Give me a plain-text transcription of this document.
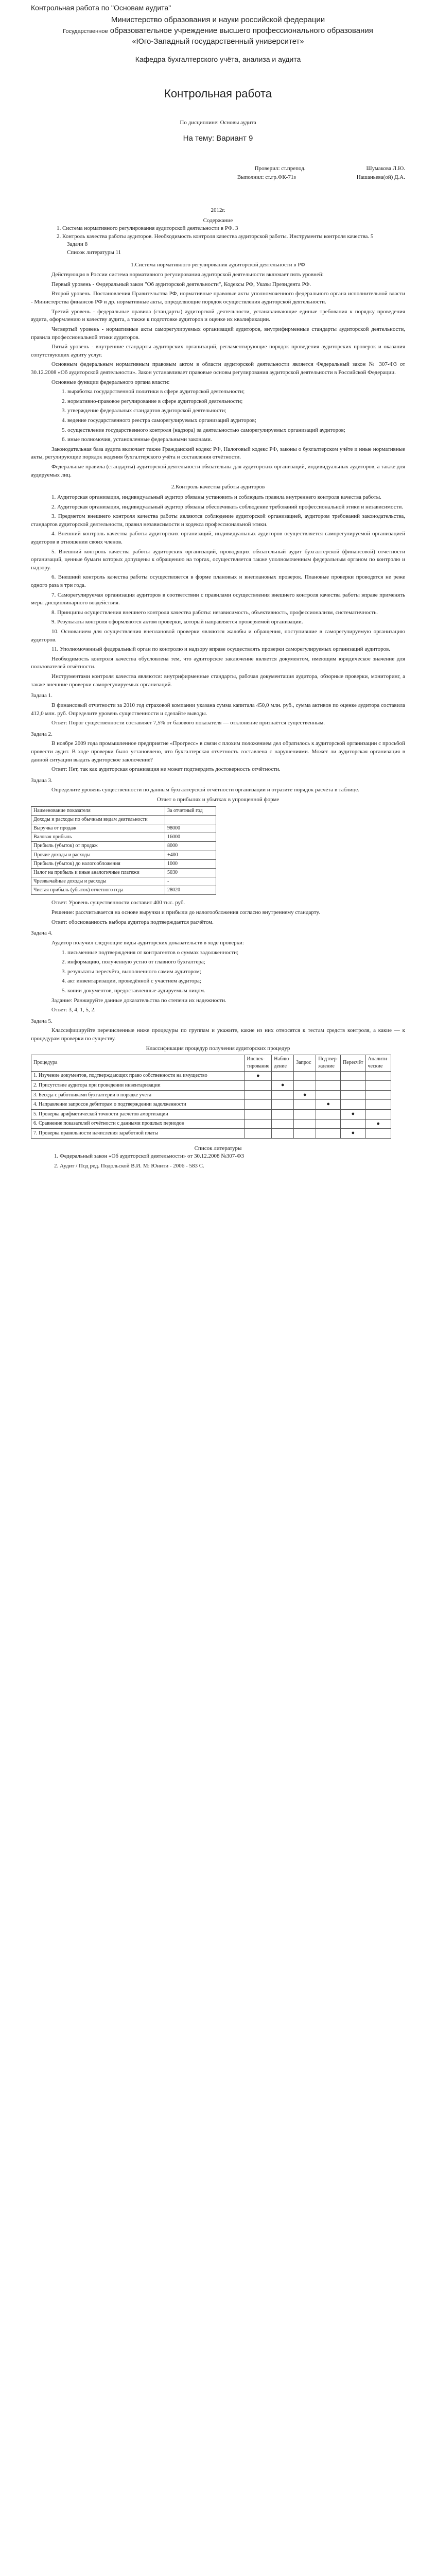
Контрольная работа по "Основам аудита"
Министерство образования и науки российской федерации
Государственное образовательное учреждение высшего профессионального образования
«Юго-Западный государственный университет»
Кафедра бухгалтерского учёта, анализа и аудита
Контрольная работа
По дисциплине: Основы аудита
На тему: Вариант 9
Проверил: ст.препод.	Шумакова Л.Ю.
Выполнил: ст.гр.ФК-71з	Нашаньева(ой) Д.А.
2012г.
Содержание
1. Система нормативного регулирования аудиторской деятельности в РФ. 3
2. Контроль качества работы аудиторов. Необходимость контроля качества аудиторской работы. Инструменты контроля качества. 5
Задачи 8
Список литературы 11
1.Система нормативного регулирования аудиторской деятельности в РФ

Действующая в России система нормативного регулирования аудиторской деятельности включает пять уровней:

Первый уровень - Федеральный закон "Об аудиторской деятельности", Кодексы РФ, Указы Президента РФ.

Второй уровень. Постановления Правительства РФ, нормативные правовые акты уполномоченного федерального органа исполнительной власти - Министерства финансов РФ и др. нормативные акты, определяющие порядок осуществления аудиторской деятельности.

Третий уровень - федеральные правила (стандарты) аудиторской деятельности, устанавливающие единые требования к порядку проведения аудита, оформлению и качеству аудита, а также к подготовке аудиторов и оценке их квалификации.

Четвертый уровень - нормативные акты саморегулируемых организаций аудиторов, внутрифирменные стандарты аудиторской деятельности, правила профессиональной этики аудиторов.

Пятый уровень - внутренние стандарты аудиторских организаций, регламентирующие порядок проведения аудиторских проверок и оказания сопутствующих аудиту услуг.

Основным федеральным нормативным правовым актом в области аудиторской деятельности является Федеральный закон № 307-ФЗ от 30.12.2008 «Об аудиторской деятельности». Закон устанавливает правовые основы регулирования аудиторской деятельности в Российской Федерации.

Основные функции федерального органа власти:

1. выработка государственной политики в сфере аудиторской деятельности;

2. нормативно-правовое регулирование в сфере аудиторской деятельности;

3. утверждение федеральных стандартов аудиторской деятельности;

4. ведение государственного реестра саморегулируемых организаций аудиторов;

5. осуществление государственного контроля (надзора) за деятельностью саморегулируемых организаций аудиторов;

6. иные полномочия, установленные федеральными законами.

Законодательная база аудита включает также Гражданский кодекс РФ, Налоговый кодекс РФ, законы о бухгалтерском учёте и иные нормативные акты, регулирующие порядок ведения бухгалтерского учёта и составления отчётности.

Федеральные правила (стандарты) аудиторской деятельности обязательны для аудиторских организаций, индивидуальных аудиторов, а также для аудируемых лиц.

2.Контроль качества работы аудиторов

1. Аудиторская организация, индивидуальный аудитор обязаны установить и соблюдать правила внутреннего контроля качества работы.

2. Аудиторская организация, индивидуальный аудитор обязаны обеспечивать соблюдение требований профессиональной этики и независимости.

3. Предметом внешнего контроля качества работы являются соблюдение аудиторской организацией, аудитором требований законодательства, стандартов аудиторской деятельности, правил независимости и кодекса профессиональной этики.

4. Внешний контроль качества работы аудиторских организаций, индивидуальных аудиторов осуществляется саморегулируемой организацией аудиторов в отношении своих членов.

5. Внешний контроль качества работы аудиторских организаций, проводящих обязательный аудит бухгалтерской (финансовой) отчетности организаций, ценные бумаги которых допущены к обращению на торгах, осуществляется также уполномоченным федеральным органом по контролю и надзору.

6. Внешний контроль качества работы осуществляется в форме плановых и внеплановых проверок. Плановые проверки проводятся не реже одного раза в три года.

7. Саморегулируемая организация аудиторов в соответствии с правилами осуществления внешнего контроля качества работы вправе применять меры дисциплинарного воздействия.

8. Принципы осуществления внешнего контроля качества работы: независимость, объективность, профессионализм, систематичность.

9. Результаты контроля оформляются актом проверки, который направляется проверяемой организации.

10. Основанием для осуществления внеплановой проверки являются жалобы и обращения, поступившие в саморегулируемую организацию аудиторов.

11. Уполномоченный федеральный орган по контролю и надзору вправе осуществлять проверки саморегулируемых организаций аудиторов.

Необходимость контроля качества обусловлена тем, что аудиторское заключение является документом, имеющим юридическое значение для пользователей отчётности.

Инструментами контроля качества являются: внутрифирменные стандарты, рабочая документация аудитора, обзорные проверки, мониторинг, а также внешние проверки саморегулируемых организаций.

Задача 1.

В финансовый отчетности за 2010 год страховой компании указана сумма капитала 450,0 млн. руб., сумма активов по оценке аудитора составила 412,0 млн. руб. Определите уровень существенности и сделайте выводы.

Ответ: Порог существенности составляет 7,5% от базового показателя — отклонение признаётся существенным.

Задача 2.

В ноябре 2009 года промышленное предприятие «Прогресс» в связи с плохим положением дел обратилось к аудиторской организации с просьбой провести аудит. В ходе проверки было установлено, что бухгалтерская отчетность составлена с нарушениями. Может ли аудиторская организация в данной ситуации выдать аудиторское заключение?

Ответ: Нет, так как аудиторская организация не может подтвердить достоверность отчётности.

Задача 3.

Определите уровень существенности по данным бухгалтерской отчётности организации и отразите порядок расчёта в таблице.

Отчет о прибылях и убытках в упрощенной форме

Наименование показателя	За отчетный год
Доходы и расходы по обычным видам деятельности	
Выручка от продаж	98000
Валовая прибыль	16000
Прибыль (убыток) от продаж	8000
Прочие доходы и расходы	+400
Прибыль (убыток) до налогообложения	1000
Налог на прибыль и иные аналогичные платежи	5030
Чрезвычайные доходы и расходы	-
Чистая прибыль (убыток) отчетного года	28020

Ответ: Уровень существенности составит 400 тыс. руб.

Решение: рассчитывается на основе выручки и прибыли до налогообложения согласно внутреннему стандарту.

Ответ: обоснованность выбора аудитора подтверждается расчётом.

Задача 4.

Аудитор получил следующие виды аудиторских доказательств в ходе проверки:

1. письменные подтверждения от контрагентов о суммах задолженности;

2. информацию, полученную устно от главного бухгалтера;

3. результаты пересчёта, выполненного самим аудитором;

4. акт инвентаризации, проведённой с участием аудитора;

5. копии документов, предоставленные аудируемым лицом.

Задание: Ранжируйте данные доказательства по степени их надежности.

Ответ: 3, 4, 1, 5, 2.

Задача 5.

Классифицируйте перечисленные ниже процедуры по группам и укажите, какие из них относятся к тестам средств контроля, а какие — к процедурам проверки по существу.

Классификация процедур получения аудиторских процедур

Процедура	Инспек-тирование	Наблю-дение	Запрос	Подтвер-ждение	Пересчёт	Аналити-ческие
1. Изучение документов, подтверждающих право собственности на имущество	●					
2. Присутствие аудитора при проведении инвентаризации		●				
3. Беседа с работниками бухгалтерии о порядке учёта			●			
4. Направление запросов дебиторам о подтверждении задолженности				●		
5. Проверка арифметической точности расчётов амортизации					●	
6. Сравнение показателей отчётности с данными прошлых периодов						●
7. Проверка правильности начисления заработной платы					●	
Список литературы

1. Федеральный закон «Об аудиторской деятельности» от 30.12.2008 №307-ФЗ

2. Аудит / Под ред. Подольской В.И. М: Юнити - 2006 - 583 С.
